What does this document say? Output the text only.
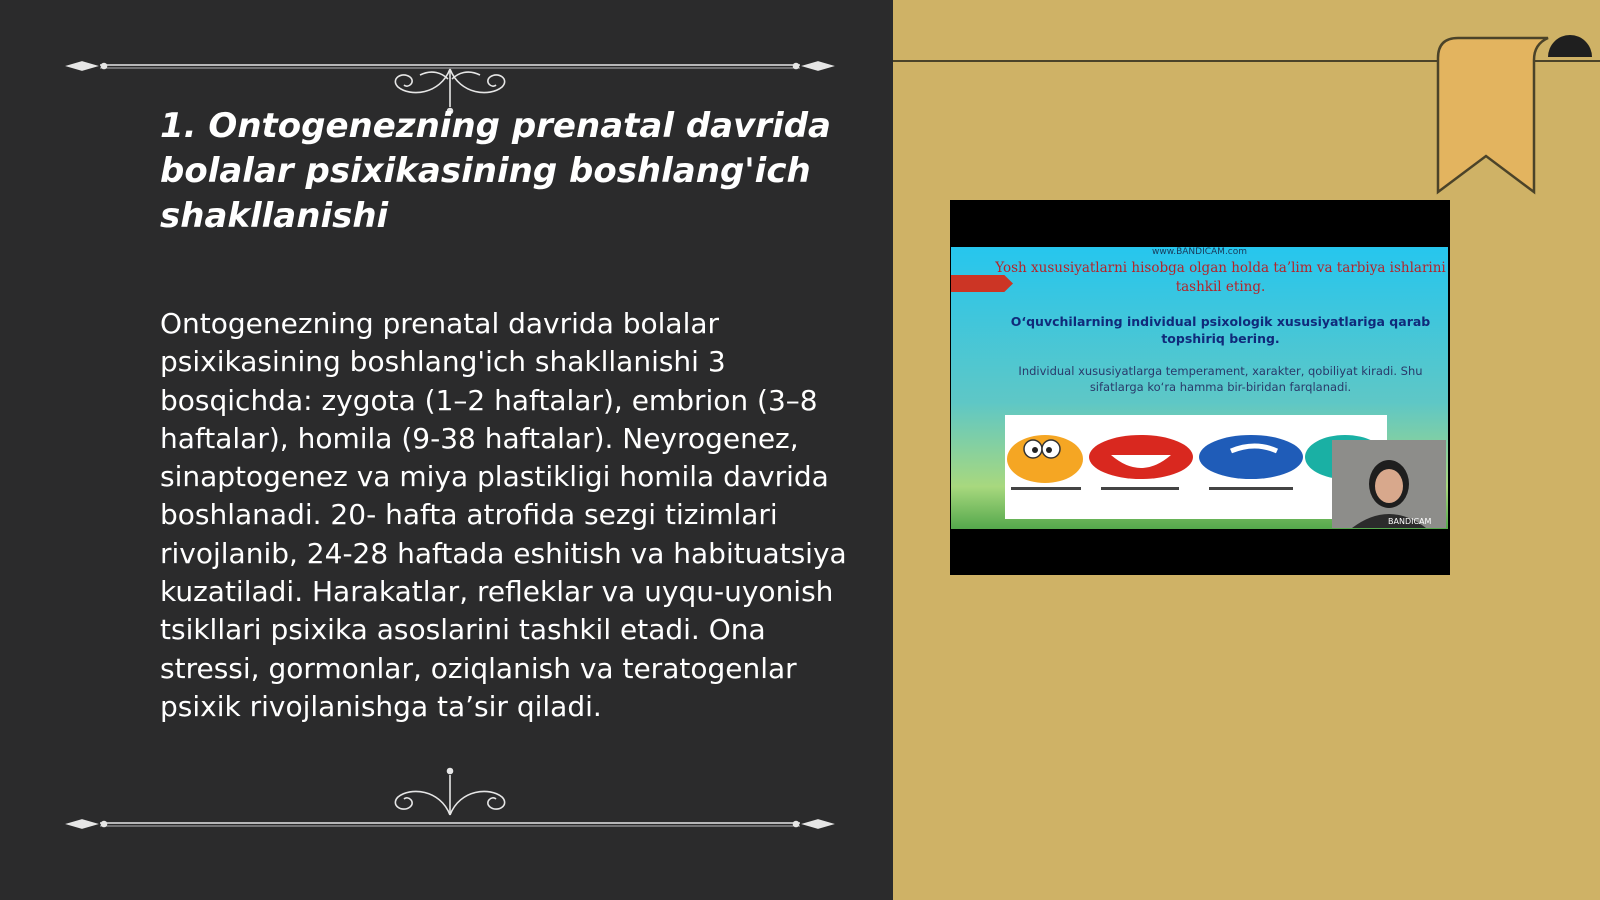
1. Ontogenezning prenatal davrida bolalar psixikasining boshlang'ich shakllanishi

Ontogenezning prenatal davrida bolalar psixikasining boshlang'ich shakllanishi 3 bosqichda: zygota (1–2 haftalar), embrion (3–8 haftalar), homila (9-38 haftalar). Neyrogenez, sinaptogenez va miya plastikligi homila davrida boshlanadi. 20- hafta atrofida sezgi tizimlari rivojlanib, 24-28 haftada eshitish va habituatsiya kuzatiladi. Harakatlar, refleklar va uyqu-uyonish tsikllari psixika asoslarini tashkil etadi. Ona stressi, gormonlar, oziqlanish va teratogenlar psixik rivojlanishga ta’sir qiladi.

www.BANDICAM.com

Yosh xususiyatlarni hisobga olgan holda ta’lim va tarbiya ishlarini tashkil eting.

O‘quvchilarning individual psixologik xususiyatlariga qarab topshiriq bering.

Individual xususiyatlarga temperament, xarakter, qobiliyat kiradi. Shu sifatlarga ko‘ra hamma bir-biridan farqlanadi.

BANDICAM
